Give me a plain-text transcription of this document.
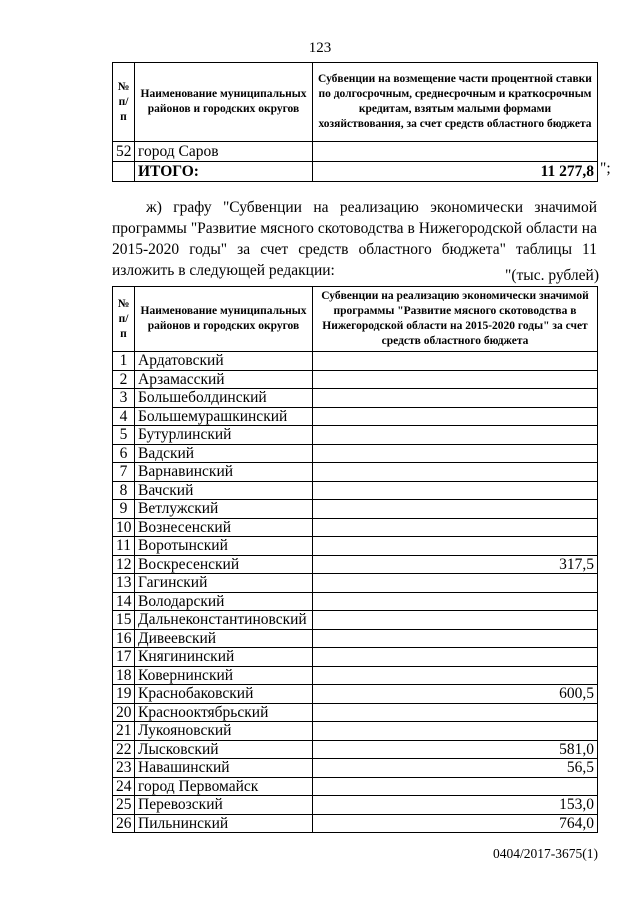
123
№ п/п	Наименование муниципальных районов и городских округов	Субвенции на возмещение части процентной ставки по долгосрочным, среднесрочным и краткосрочным кредитам, взятым малыми формами хозяйствования, за счет средств областного бюджета
52	город Саров	
	ИТОГО:	11 277,8 ";
ж) графу "Субвенции на реализацию экономически значимой
программы "Развитие мясного скотоводства в Нижегородской области на
2015-2020 годы" за счет средств областного бюджета" таблицы 11
изложить в следующей редакции:	"(тыс. рублей)
№ п/п	Наименование муниципальных районов и городских округов	Субвенции на реализацию экономически значимой программы "Развитие мясного скотоводства в Нижегородской области на 2015-2020 годы" за счет средств областного бюджета
1	Ардатовский	
2	Арзамасский	
3	Большеболдинский	
4	Большемурашкинский	
5	Бутурлинский	
6	Вадский	
7	Варнавинский	
8	Вачский	
9	Ветлужский	
10	Вознесенский	
11	Воротынский	
12	Воскресенский	317,5
13	Гагинский	
14	Володарский	
15	Дальнеконстантиновский	
16	Дивеевский	
17	Княгининский	
18	Ковернинский	
19	Краснобаковский	600,5
20	Краснооктябрьский	
21	Лукояновский	
22	Лысковский	581,0
23	Навашинский	56,5
24	город Первомайск	
25	Перевозский	153,0
26	Пильнинский	764,0
0404/2017-3675(1)
